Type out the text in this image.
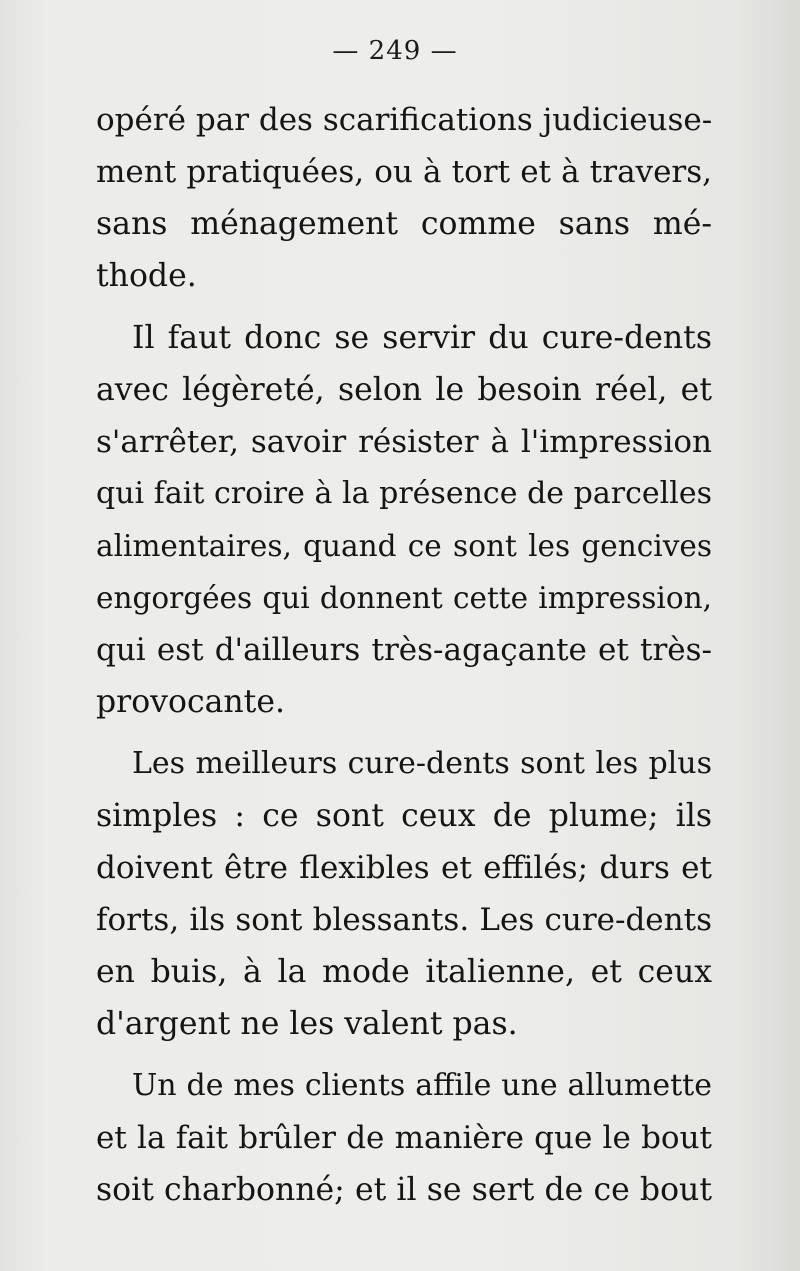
— 249 —
opéré par des scarifications judicieuse-
ment pratiquées, ou à tort et à travers,
sans ménagement comme sans mé-
thode.
Il faut donc se servir du cure-dents
avec légèreté, selon le besoin réel, et
s'arrêter, savoir résister à l'impression
qui fait croire à la présence de parcelles
alimentaires, quand ce sont les gencives
engorgées qui donnent cette impression,
qui est d'ailleurs très-agaçante et très-
provocante.
Les meilleurs cure-dents sont les plus
simples : ce sont ceux de plume; ils
doivent être flexibles et effilés; durs et
forts, ils sont blessants. Les cure-dents
en buis, à la mode italienne, et ceux
d'argent ne les valent pas.
Un de mes clients affile une allumette
et la fait brûler de manière que le bout
soit charbonné; et il se sert de ce bout
